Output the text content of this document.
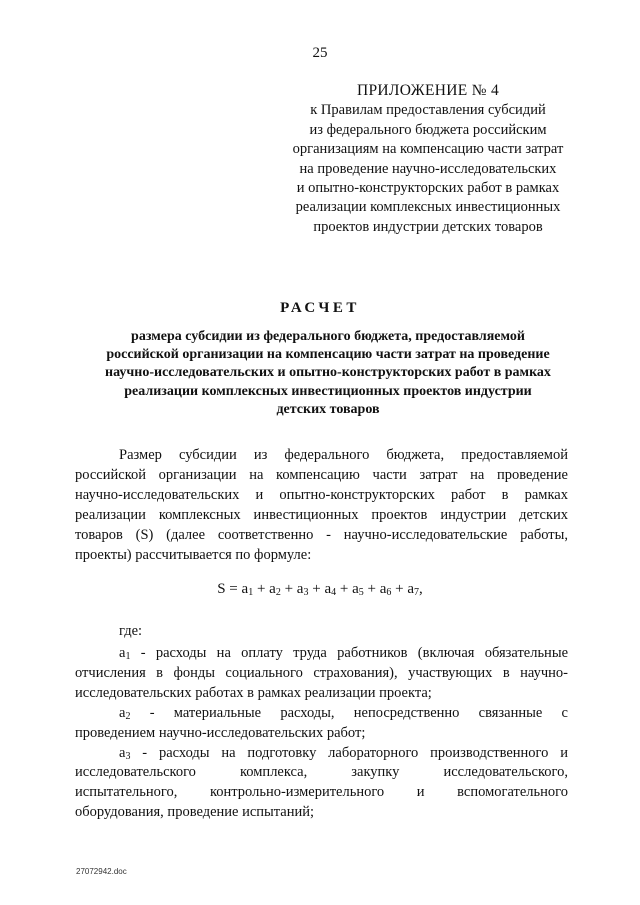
25
ПРИЛОЖЕНИЕ № 4
к Правилам предоставления субсидий
из федерального бюджета российским
организациям на компенсацию части затрат
на проведение научно-исследовательских
и опытно-конструкторских работ в рамках
реализации комплексных инвестиционных
проектов индустрии детских товаров
РАСЧЕТ
размера субсидии из федерального бюджета, предоставляемой
российской организации на компенсацию части затрат на проведение
научно-исследовательских и опытно-конструкторских работ в рамках
реализации комплексных инвестиционных проектов индустрии
детских товаров
Размер субсидии из федерального бюджета, предоставляемой
российской организации на компенсацию части затрат на проведение
научно-исследовательских и опытно-конструкторских работ в рамках
реализации комплексных инвестиционных проектов индустрии детских
товаров (S) (далее соответственно - научно-исследовательские работы,
проекты) рассчитывается по формуле:
$S = a_1 + a_2 + a_3 + a_4 + a_5 + a_6 + a_7$,
где:
$a_1$ - расходы на оплату труда работников (включая обязательные
отчисления в фонды социального страхования), участвующих в научно-
исследовательских работах в рамках реализации проекта;
$a_2$ - материальные расходы, непосредственно связанные с
проведением научно-исследовательских работ;
$a_3$ - расходы на подготовку лабораторного производственного и
исследовательского комплекса, закупку исследовательского,
испытательного, контрольно-измерительного и вспомогательного
оборудования, проведение испытаний;
27072942.doc
